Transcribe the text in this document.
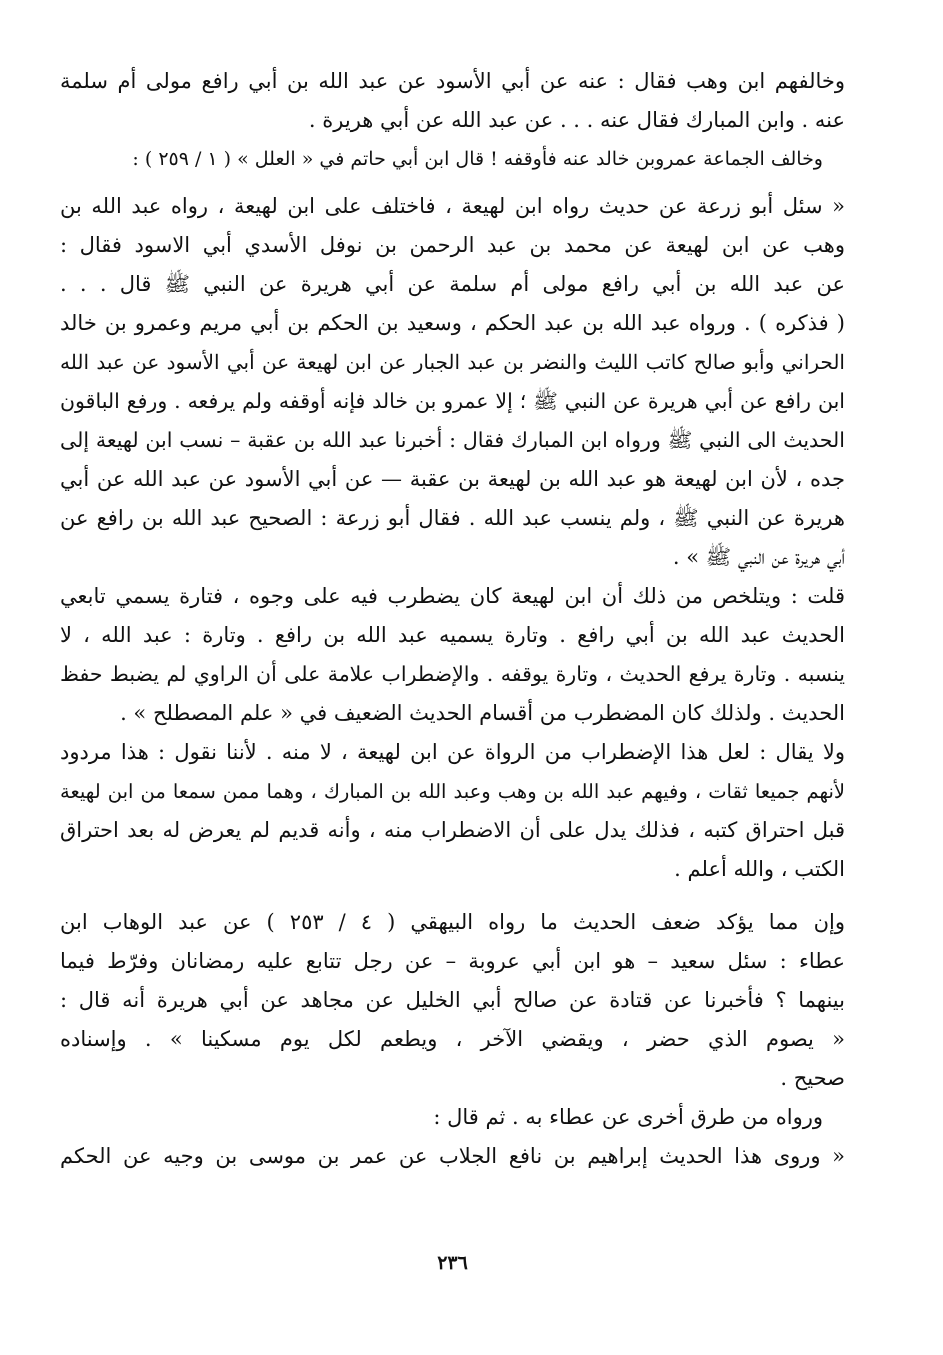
وخالفهم ابن وهب فقال : عنه عن أبي الأسود عن عبد الله بن أبي رافع مولى أم سلمة
عنه . وابن المبارك فقال عنه . . . عن عبد الله عن أبي هريرة .
وخالف الجماعة عمروبن خالد عنه فأوقفه ! قال ابن أبي حاتم في « العلل » ( ١ / ٢٥٩ ) :
« سئل أبو زرعة عن حديث رواه ابن لهيعة ، فاختلف على ابن لهيعة ، رواه عبد الله بن
وهب عن ابن لهيعة عن محمد بن عبد الرحمن بن نوفل الأسدي أبي الاسود فقال :
عن عبد الله بن أبي رافع مولى أم سلمة عن أبي هريرة عن النبي ﷺ قال . . .
( فذكره ) . ورواه عبد الله بن عبد الحكم ، وسعيد بن الحكم بن أبي مريم وعمرو بن خالد
الحراني وأبو صالح كاتب الليث والنضر بن عبد الجبار عن ابن لهيعة عن أبي الأسود عن عبد الله
ابن رافع عن أبي هريرة عن النبي ﷺ ؛ إلا عمرو بن خالد فإنه أوقفه ولم يرفعه . ورفع الباقون
الحديث الى النبي ﷺ ورواه ابن المبارك فقال : أخبرنا عبد الله بن عقبة – نسب ابن لهيعة إلى
جده ، لأن ابن لهيعة هو عبد الله بن لهيعة بن عقبة — عن أبي الأسود عن عبد الله عن أبي
هريرة عن النبي ﷺ ، ولم ينسب عبد الله . فقال أبو زرعة : الصحيح عبد الله بن رافع عن
أبي هريرة عن النبي ﷺ » .
قلت : ويتلخص من ذلك أن ابن لهيعة كان يضطرب فيه على وجوه ، فتارة يسمي تابعي
الحديث عبد الله بن أبي رافع . وتارة يسميه عبد الله بن رافع . وتارة : عبد الله ، لا
ينسبه . وتارة يرفع الحديث ، وتارة يوقفه . والإضطراب علامة على أن الراوي لم يضبط حفظ
الحديث . ولذلك كان المضطرب من أقسام الحديث الضعيف في « علم المصطلح » .
ولا يقال : لعل هذا الإضطراب من الرواة عن ابن لهيعة ، لا منه . لأننا نقول : هذا مردود
لأنهم جميعا ثقات ، وفيهم عبد الله بن وهب وعبد الله بن المبارك ، وهما ممن سمعا من ابن لهيعة
قبل احتراق كتبه ، فذلك يدل على أن الاضطراب منه ، وأنه قديم لم يعرض له بعد احتراق
الكتب ، والله أعلم .
وإن مما يؤكد ضعف الحديث ما رواه البيهقي ( ٤ / ٢٥٣ ) عن عبد الوهاب ابن
عطاء : سئل سعيد – هو ابن أبي عروبة – عن رجل تتابع عليه رمضانان وفرّط فيما
بينهما ؟ فأخبرنا عن قتادة عن صالح أبي الخليل عن مجاهد عن أبي هريرة أنه قال :
« يصوم الذي حضر ، ويقضي الآخر ، ويطعم لكل يوم مسكينا » . وإسناده
صحيح .
ورواه من طرق أخرى عن عطاء به . ثم قال :
« وروى هذا الحديث إبراهيم بن نافع الجلاب عن عمر بن موسى بن وجيه عن الحكم
٢٣٦
